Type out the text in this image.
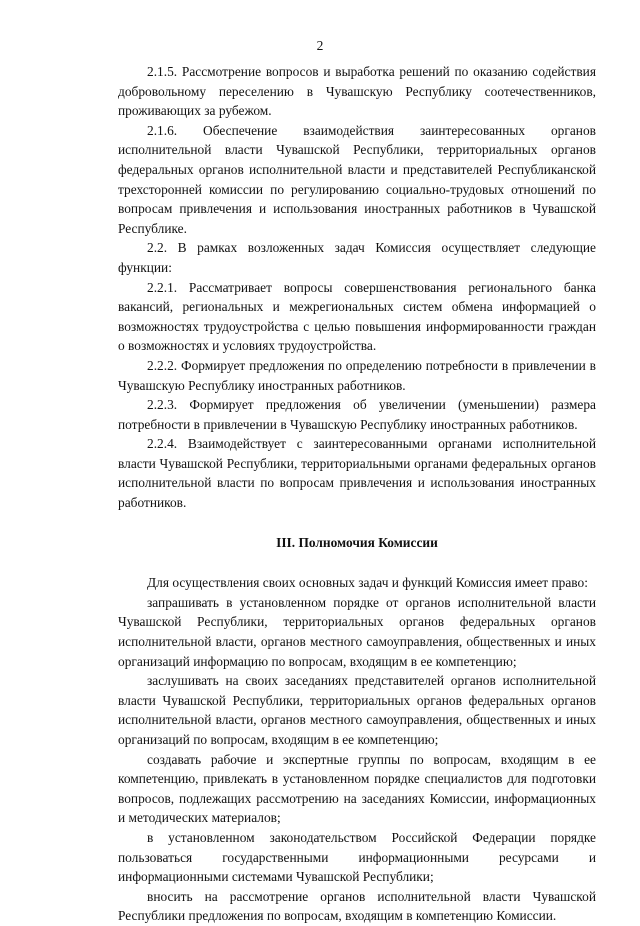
2

2.1.5. Рассмотрение вопросов и выработка решений по оказанию содействия добровольному переселению в Чувашскую Республику соотечественников, проживающих за рубежом.

2.1.6. Обеспечение взаимодействия заинтересованных органов исполнительной власти Чувашской Республики, территориальных органов федеральных органов исполнительной власти и представителей Республиканской трехсторонней комиссии по регулированию социально-трудовых отношений по вопросам привлечения и использования иностранных работников в Чувашской Республике.

2.2. В рамках возложенных задач Комиссия осуществляет следующие функции:

2.2.1. Рассматривает вопросы совершенствования регионального банка вакансий, региональных и межрегиональных систем обмена информацией о возможностях трудоустройства с целью повышения информированности граждан о возможностях и условиях трудоустройства.

2.2.2. Формирует предложения по определению потребности в привлечении в Чувашскую Республику иностранных работников.

2.2.3. Формирует предложения об увеличении (уменьшении) размера потребности в привлечении в Чувашскую Республику иностранных работников.

2.2.4. Взаимодействует с заинтересованными органами исполнительной власти Чувашской Республики, территориальными органами федеральных органов исполнительной власти по вопросам привлечения и использования иностранных работников.

III. Полномочия Комиссии

Для осуществления своих основных задач и функций Комиссия имеет право:

запрашивать в установленном порядке от органов исполнительной власти Чувашской Республики, территориальных органов федеральных органов исполнительной власти, органов местного самоуправления, общественных и иных организаций информацию по вопросам, входящим в ее компетенцию;

заслушивать на своих заседаниях представителей органов исполнительной власти Чувашской Республики, территориальных органов федеральных органов исполнительной власти, органов местного самоуправления, общественных и иных организаций по вопросам, входящим в ее компетенцию;

создавать рабочие и экспертные группы по вопросам, входящим в ее компетенцию, привлекать в установленном порядке специалистов для подготовки вопросов, подлежащих рассмотрению на заседаниях Комиссии, информационных и методических материалов;

в установленном законодательством Российской Федерации порядке пользоваться государственными информационными ресурсами и информационными системами Чувашской Республики;

вносить на рассмотрение органов исполнительной власти Чувашской Республики предложения по вопросам, входящим в компетенцию Комиссии.
